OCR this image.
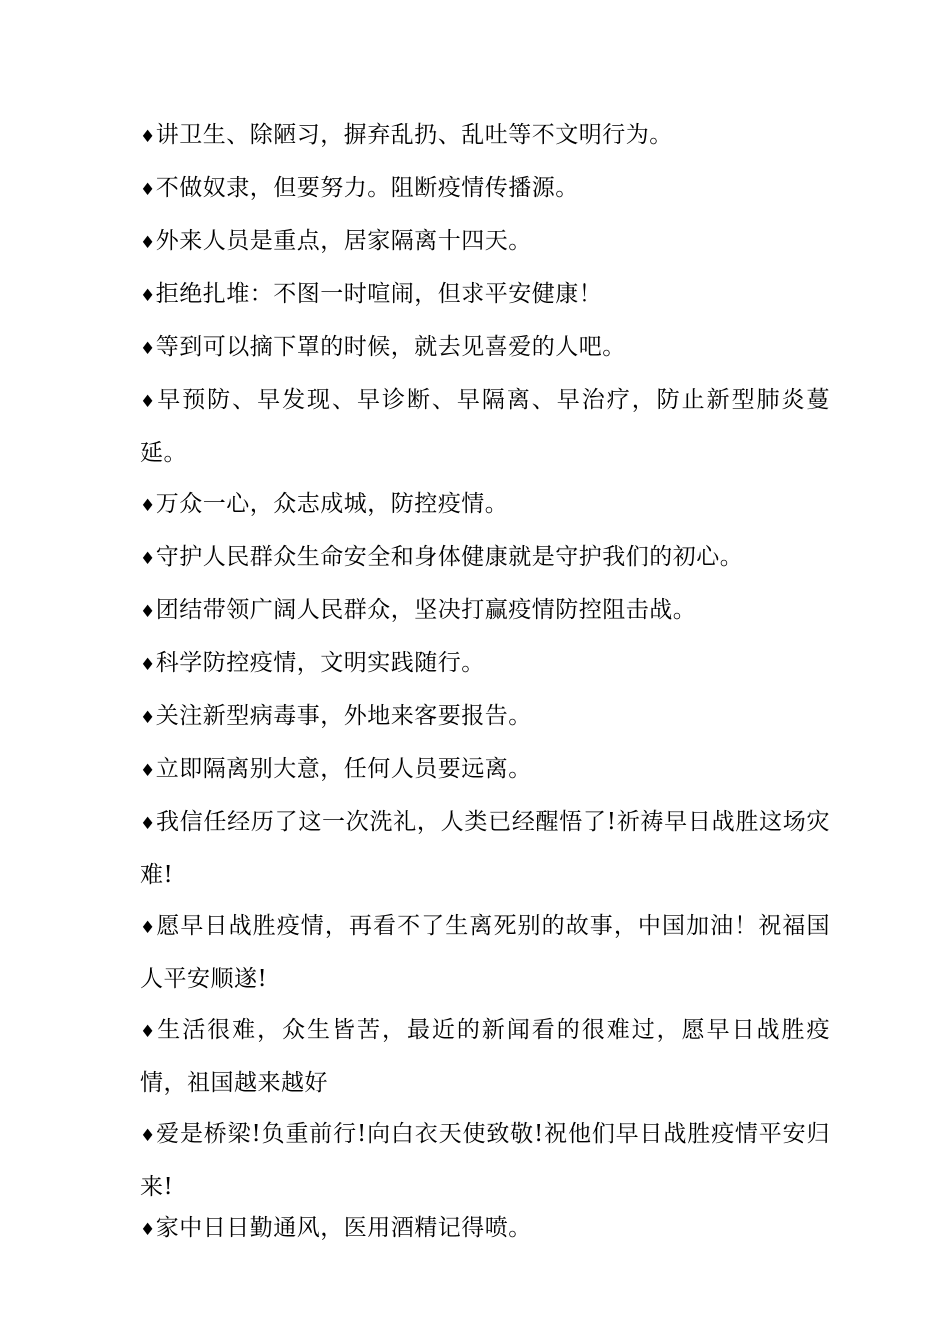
♦讲卫生、除陋习，摒弃乱扔、乱吐等不文明行为。

♦不做奴隶，但要努力。阻断疫情传播源。

♦外来人员是重点，居家隔离十四天。

♦拒绝扎堆：不图一时喧闹，但求平安健康！

♦等到可以摘下罩的时候，就去见喜爱的人吧。

♦早预防、早发现、早诊断、早隔离、早治疗，防止新型肺炎蔓延。

♦万众一心，众志成城，防控疫情。

♦守护人民群众生命安全和身体健康就是守护我们的初心。

♦团结带领广阔人民群众，坚决打赢疫情防控阻击战。

♦科学防控疫情，文明实践随行。

♦关注新型病毒事，外地来客要报告。

♦立即隔离别大意，任何人员要远离。

♦我信任经历了这一次洗礼，人类已经醒悟了!祈祷早日战胜这场灾难!

♦愿早日战胜疫情，再看不了生离死别的故事，中国加油！祝福国人平安顺遂!

♦生活很难，众生皆苦，最近的新闻看的很难过，愿早日战胜疫情，祖国越来越好

♦爱是桥梁!负重前行!向白衣天使致敬!祝他们早日战胜疫情平安归来!

♦家中日日勤通风，医用酒精记得喷。
